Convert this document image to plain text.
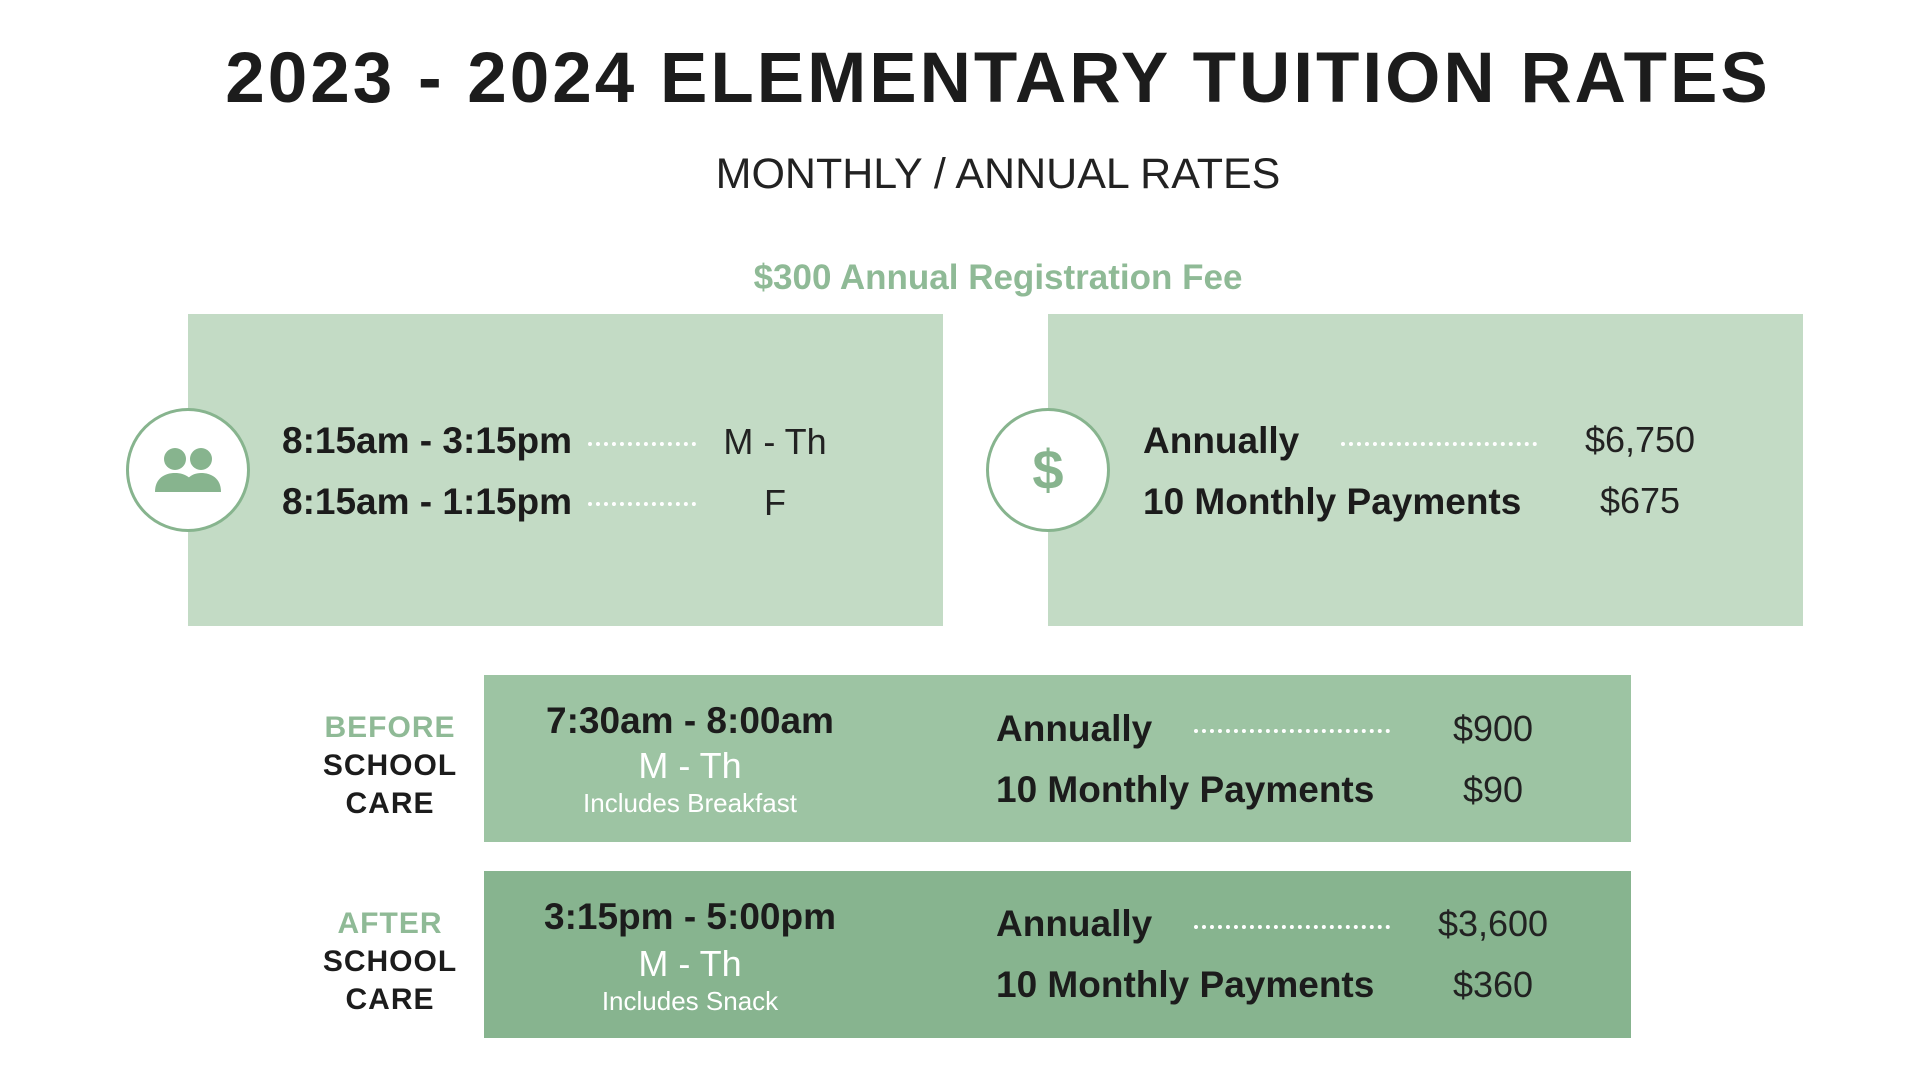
2023 - 2024 ELEMENTARY TUITION RATES
MONTHLY / ANNUAL RATES
$300 Annual Registration Fee
8:15am - 3:15pm	M - Th
8:15am - 1:15pm	F
$ Annually	$6,750
10 Monthly Payments	$675
BEFORE
SCHOOL
CARE
7:30am - 8:00am
M - Th
Includes Breakfast
Annually	$900
10 Monthly Payments	$90
AFTER
SCHOOL
CARE
3:15pm - 5:00pm
M - Th
Includes Snack
Annually	$3,600
10 Monthly Payments	$360
